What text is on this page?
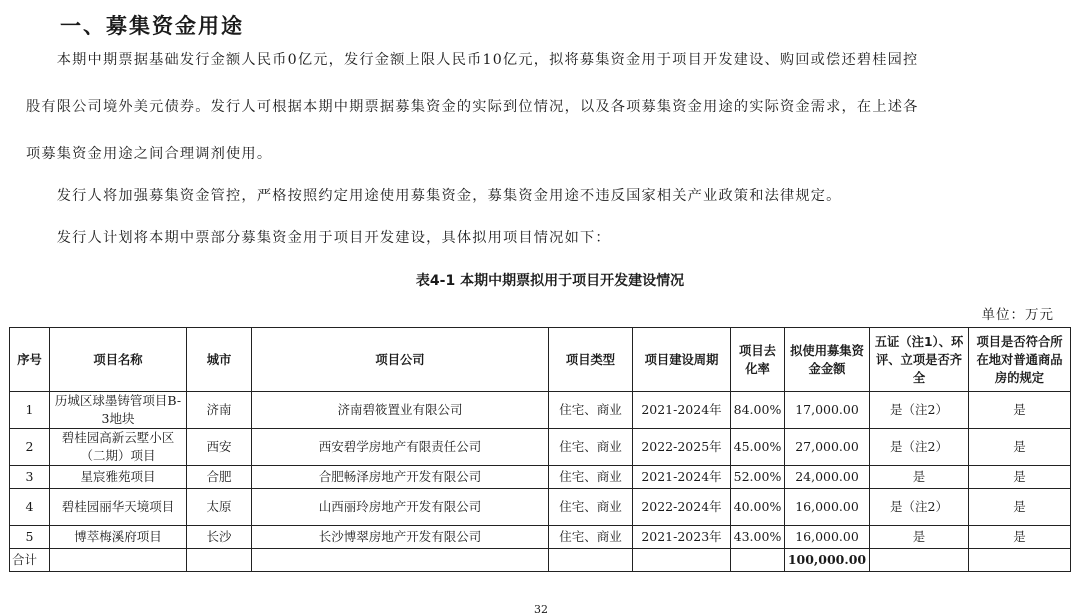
一、募集资金用途
　　本期中期票据基础发行金额人民币0亿元，发行金额上限人民币10亿元，拟将募集资金用于项目开发建设、购回或偿还碧桂园控
股有限公司境外美元债券。发行人可根据本期中期票据募集资金的实际到位情况，以及各项募集资金用途的实际资金需求，在上述各
项募集资金用途之间合理调剂使用。
　　发行人将加强募集资金管控，严格按照约定用途使用募集资金，募集资金用途不违反国家相关产业政策和法律规定。
　　发行人计划将本期中票部分募集资金用于项目开发建设，具体拟用项目情况如下：
表4-1 本期中期票拟用于项目开发建设情况
单位：万元
序号	项目名称	城市	项目公司	项目类型	项目建设周期	项目去化率	拟使用募集资金金额	五证（注1）、环评、立项是否齐全	项目是否符合所在地对普通商品房的规定
1	历城区球墨铸管项目B-3地块	济南	济南碧筱置业有限公司	住宅、商业	2021-2024年	84.00%	17,000.00	是（注2）	是
2	碧桂园高新云墅小区（二期）项目	西安	西安碧学房地产有限责任公司	住宅、商业	2022-2025年	45.00%	27,000.00	是（注2）	是
3	星宸雅苑项目	合肥	合肥畅泽房地产开发有限公司	住宅、商业	2021-2024年	52.00%	24,000.00	是	是
4	碧桂园丽华天境项目	太原	山西丽玲房地产开发有限公司	住宅、商业	2022-2024年	40.00%	16,000.00	是（注2）	是
5	博萃梅溪府项目	长沙	长沙博翠房地产开发有限公司	住宅、商业	2021-2023年	43.00%	16,000.00	是	是
合计							100,000.00		
32
